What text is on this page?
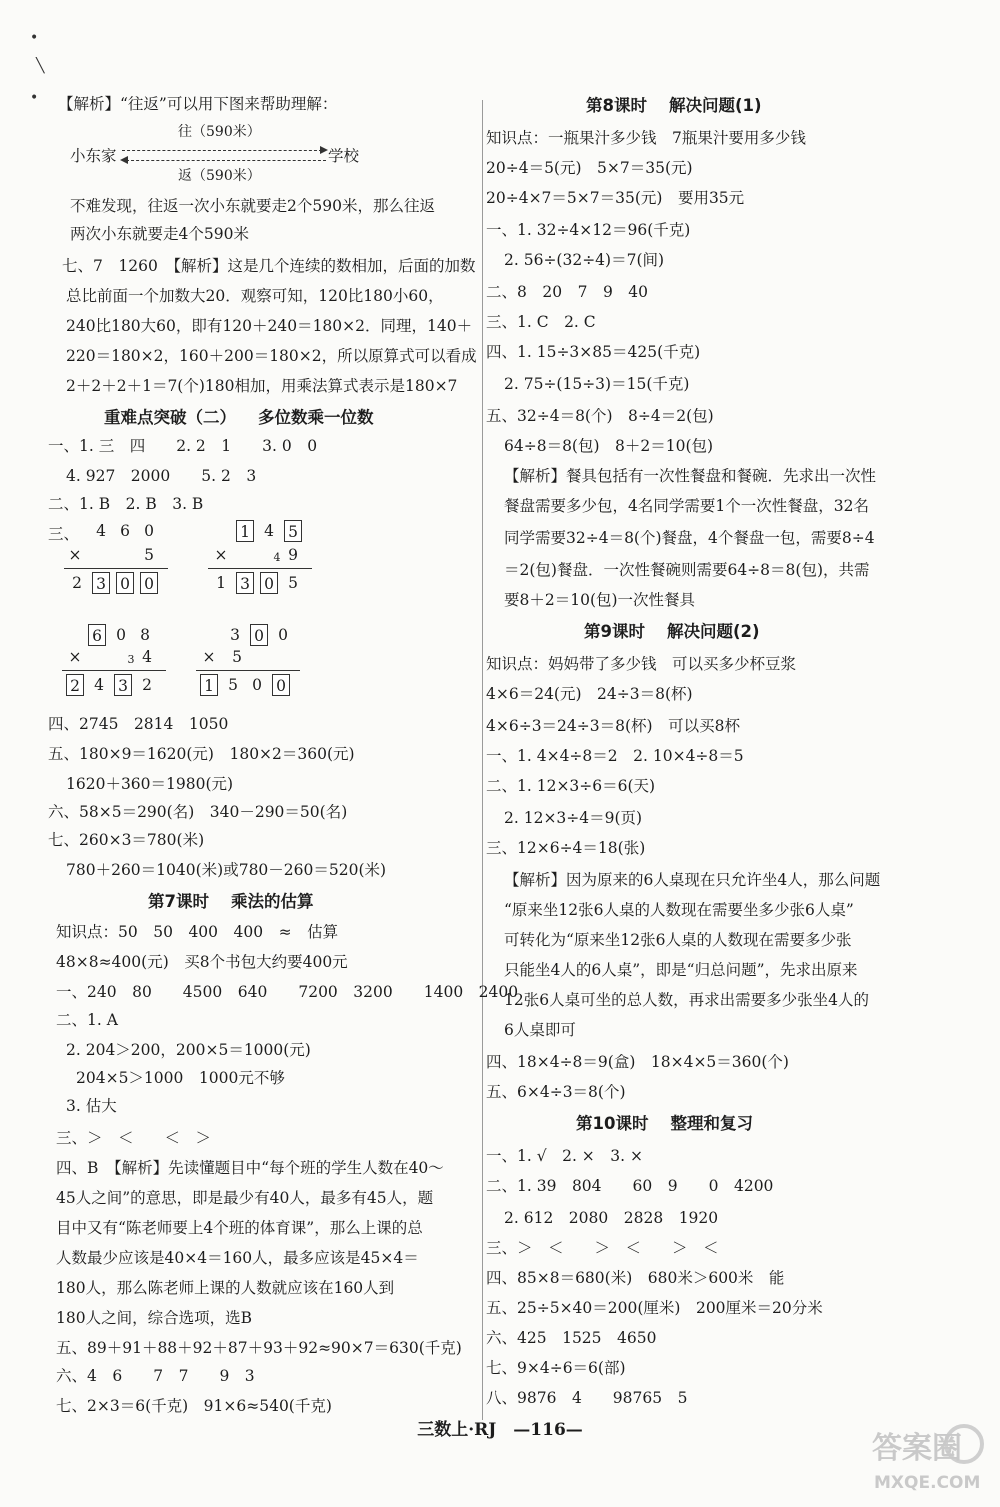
•
╲
• 【解析】“往返”可以用下图来帮助理解：
往（590米）
小东家	学校
返（590米）
不难发现，往返一次小东就要走2个590米，那么往返
两次小东就要走4个590米
七、7　1260　【解析】这是几个连续的数相加，后面的加数
总比前面一个加数大20．观察可知，120比180小60，
240比180大60，即有120＋240＝180×2．同理，140＋
220＝180×2，160＋200＝180×2，所以原算式可以看成
2＋2＋2＋1＝7(个)180相加，用乘法算式表示是180×7
重难点突破（二） 多位数乘一位数
一、1. 三　四　　2. 2　1　　3. 0　0
4. 927　2000　　5. 2　3
二、1. B　2. B　3. B
三、 4 6 0
×	5
2 3 0 0
1 4 5
×	4 9
1 3 0 5
6 0 8
×	3 4
2 4 3 2
3 0 0
× 5
1 5 0 0
四、2745　2814　1050
五、180×9＝1620(元)　180×2＝360(元)
1620＋360＝1980(元)
六、58×5＝290(名)　340－290＝50(名)
七、260×3＝780(米)
780＋260＝1040(米)或780－260＝520(米)
第7课时 乘法的估算
知识点：50　50　400　400　≈　估算
48×8≈400(元)　买8个书包大约要400元
一、240　80　　4500　640　　7200　3200　　1400　2400
二、1. A
2. 204＞200，200×5＝1000(元)
204×5＞1000　1000元不够
3. 估大
三、＞　＜　　＜　＞
四、B　【解析】先读懂题目中“每个班的学生人数在40～
45人之间”的意思，即是最少有40人，最多有45人，题
目中又有“陈老师要上4个班的体育课”，那么上课的总
人数最少应该是40×4＝160人，最多应该是45×4＝
180人，那么陈老师上课的人数就应该在160人到
180人之间，综合选项，选B
五、89＋91＋88＋92＋87＋93＋92≈90×7＝630(千克)
六、4　6　　7　7　　9　3
七、2×3＝6(千克)　91×6≈540(千克)
第8课时 解决问题(1)
知识点：一瓶果汁多少钱　7瓶果汁要用多少钱
20÷4＝5(元)　5×7＝35(元)
20÷4×7＝5×7＝35(元)　要用35元
一、1. 32÷4×12＝96(千克)
2. 56÷(32÷4)＝7(间)
二、8　20　7　9　40
三、1. C　2. C
四、1. 15÷3×85＝425(千克)
2. 75÷(15÷3)＝15(千克)
五、32÷4＝8(个)　8÷4＝2(包)
64÷8＝8(包)　8＋2＝10(包)
【解析】餐具包括有一次性餐盘和餐碗．先求出一次性
餐盘需要多少包，4名同学需要1个一次性餐盘，32名
同学需要32÷4＝8(个)餐盘，4个餐盘一包，需要8÷4
＝2(包)餐盘．一次性餐碗则需要64÷8＝8(包)，共需
要8＋2＝10(包)一次性餐具
第9课时 解决问题(2)
知识点：妈妈带了多少钱　可以买多少杯豆浆
4×6＝24(元)　24÷3＝8(杯)
4×6÷3＝24÷3＝8(杯)　可以买8杯
一、1. 4×4÷8＝2　2. 10×4÷8＝5
二、1. 12×3÷6＝6(天)
2. 12×3÷4＝9(页)
三、12×6÷4＝18(张)
【解析】因为原来的6人桌现在只允许坐4人，那么问题
“原来坐12张6人桌的人数现在需要坐多少张6人桌”
可转化为“原来坐12张6人桌的人数现在需要多少张
只能坐4人的6人桌”，即是“归总问题”，先求出原来
12张6人桌可坐的总人数，再求出需要多少张坐4人的
6人桌即可
四、18×4÷8＝9(盒)　18×4×5＝360(个)
五、6×4÷3＝8(个)
第10课时 整理和复习
一、1. √　2. ×　3. ×
二、1. 39　804　　60　9　　0　4200
2. 612　2080　2828　1920
三、＞　＜　　＞　＜　　＞　＜
四、85×8＝680(米)　680米＞600米　能
五、25÷5×40＝200(厘米)　200厘米＝20分米
六、425　1525　4650
七、9×4÷6＝6(部)
八、9876　4　　98765　5
三数上·RJ　—116—
答案圈
MXQE.COM
